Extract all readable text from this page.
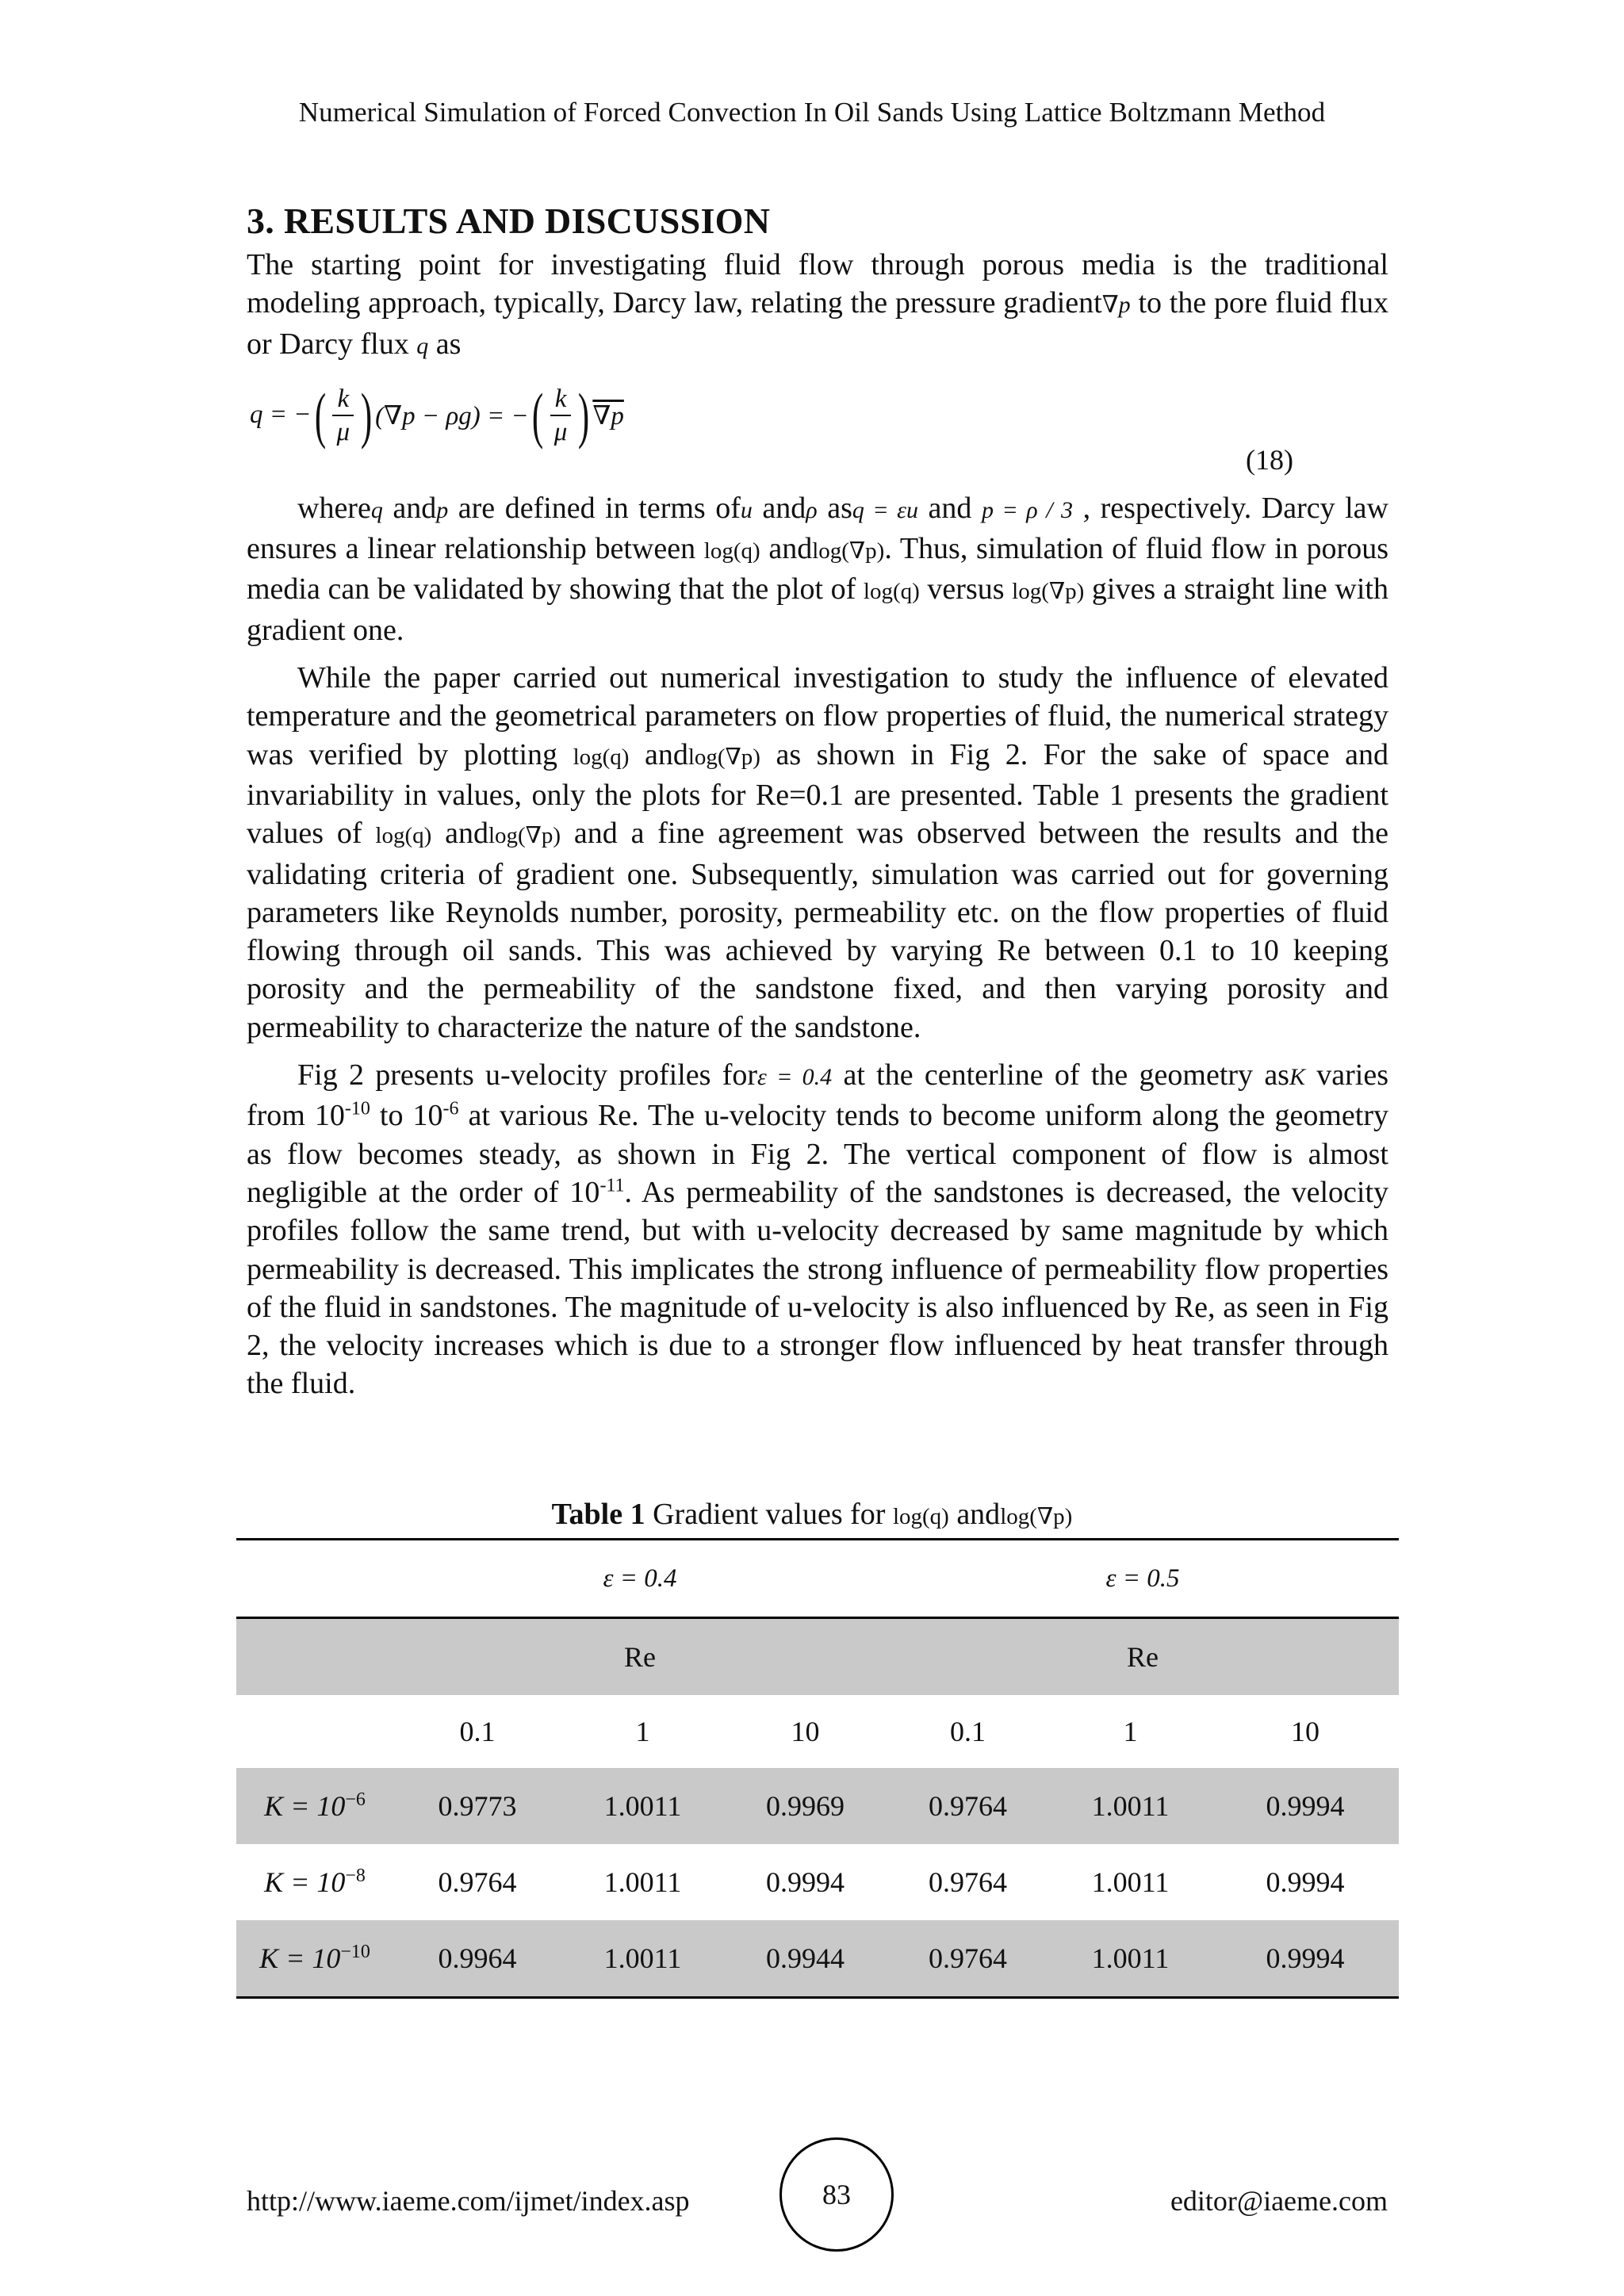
Numerical Simulation of Forced Convection In Oil Sands Using Lattice Boltzmann Method
3. RESULTS AND DISCUSSION

The starting point for investigating fluid flow through porous media is the traditional modeling approach, typically, Darcy law, relating the pressure gradient∇p to the pore fluid flux or Darcy flux q as

q = − ( $\frac{k}{\mu}$ ) (∇p − ρg) = − ( $\frac{k}{\mu}$ ) ∇p
(18)

whereq andp are defined in terms ofu andρ asq = εu and p = ρ / 3 , respectively. Darcy law ensures a linear relationship between log(q) andlog(∇p). Thus, simulation of fluid flow in porous media can be validated by showing that the plot of log(q) versus log(∇p) gives a straight line with gradient one.

While the paper carried out numerical investigation to study the influence of elevated temperature and the geometrical parameters on flow properties of fluid, the numerical strategy was verified by plotting log(q) andlog(∇p) as shown in Fig 2. For the sake of space and invariability in values, only the plots for Re=0.1 are presented. Table 1 presents the gradient values of log(q) andlog(∇p) and a fine agreement was observed between the results and the validating criteria of gradient one. Subsequently, simulation was carried out for governing parameters like Reynolds number, porosity, permeability etc. on the flow properties of fluid flowing through oil sands. This was achieved by varying Re between 0.1 to 10 keeping porosity and the permeability of the sandstone fixed, and then varying porosity and permeability to characterize the nature of the sandstone.

Fig 2 presents u-velocity profiles forε = 0.4 at the centerline of the geometry asK varies from $10^{-10}$ to $10^{-6}$ at various Re. The u-velocity tends to become uniform along the geometry as flow becomes steady, as shown in Fig 2. The vertical component of flow is almost negligible at the order of $10^{-11}$. As permeability of the sandstones is decreased, the velocity profiles follow the same trend, but with u-velocity decreased by same magnitude by which permeability is decreased. This implicates the strong influence of permeability flow properties of the fluid in sandstones. The magnitude of u-velocity is also influenced by Re, as seen in Fig 2, the velocity increases which is due to a stronger flow influenced by heat transfer through the fluid.

Table 1 Gradient values for log(q) andlog(∇p)
	ε = 0.4			ε = 0.5		
	Re			Re		
	0.1	1	10	0.1	1	10
$K = 10^{-6}$	0.9773	1.0011	0.9969	0.9764	1.0011	0.9994
$K = 10^{-8}$	0.9764	1.0011	0.9994	0.9764	1.0011	0.9994
$K = 10^{-10}$	0.9964	1.0011	0.9944	0.9764	1.0011	0.9994
http://www.iaeme.com/ijmet/index.asp	83	editor@iaeme.com
